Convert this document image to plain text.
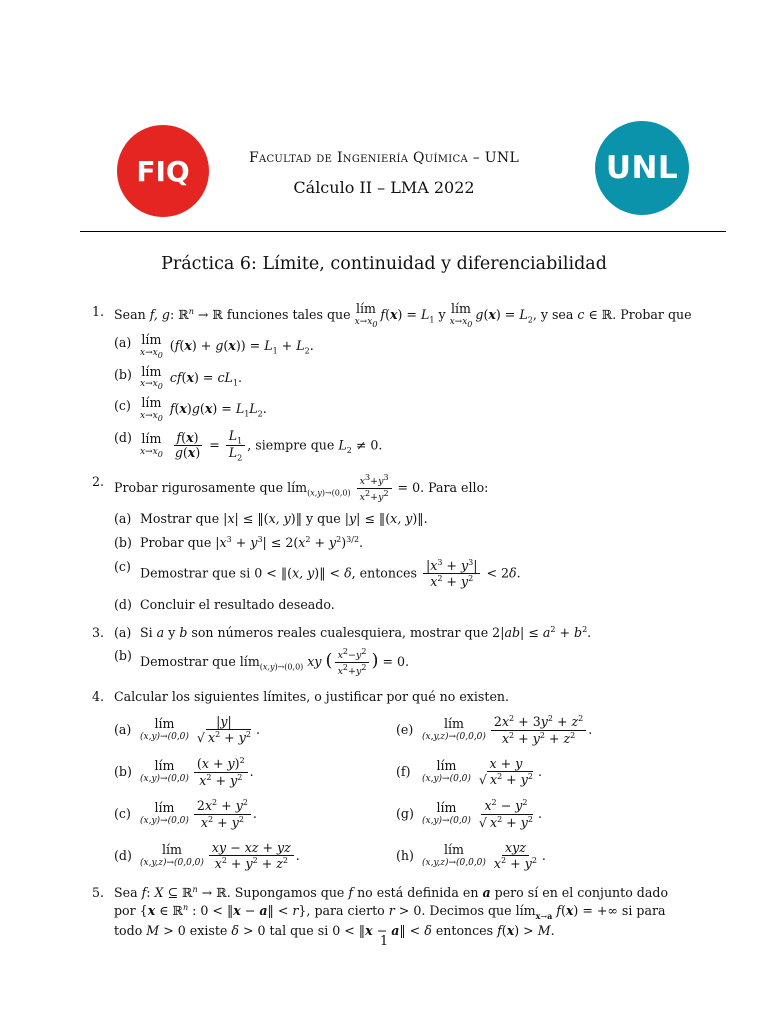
FIQ	UNL
Facultad de Ingeniería Química – UNL
Cálculo II – LMA 2022
Práctica 6: Límite, continuidad y diferenciabilidad
1. Sean f, g: ℝ$^n$ → ℝ funciones tales que lím
$x\to x_0$
$f(x) = L_1$ y lím
$x\to x_0$
$g(x) = L_2$, y sea c ∈ ℝ. Probar que
(a) lím
$x\to x_0$
$(f(x) + g(x)) = L_1 + L_2$.
(b) lím
$x\to x_0$
$cf(x) = cL_1$.
(c) lím
$x\to x_0$
$f(x)g(x) = L_1L_2$.
(d) lím
$x\to x_0$
$\frac{f(x)}{g(x)} = \frac{L_1}{L_2}$ , siempre que $L_2 \ne 0$.
2. Probar rigurosamente que lím$_{(x,y)\to(0,0)}$ $\frac{x^3+y^3}{x^2+y^2} = 0$. Para ello:
(a) Mostrar que |x| ≤ ‖(x, y)‖ y que |y| ≤ ‖(x, y)‖.
(b) Probar que $|x^3 + y^3| \le 2(x^2 + y^2)^{3/2}$.
(c) Demostrar que si 0 < ‖(x, y)‖ < δ, entonces $\frac{|x^3 + y^3|}{x^2 + y^2} < 2\delta$.
(d) Concluir el resultado deseado.
3. (a) Si a y b son números reales cualesquiera, mostrar que $2|ab| \le a^2 + b^2$.
(b) Demostrar que lím$_{(x,y)\to(0,0)}$ xy ( $\frac{x^2-y^2}{x^2+y^2}$ ) = 0.
4. Calcular los siguientes límites, o justificar por qué no existen.
(a) lím
$(x,y)\to(0,0) \frac{|y|}{√ x^2 + y^2}$ .	(e) lím
$(x,y,z)\to(0,0,0) \frac{2x^2 + 3y^2 + z^2}{x^2 + y^2 + z^2}$ .
(b) lím
$(x,y)\to(0,0) \frac{(x + y)^2}{x^2 + y^2}$ .	(f) lím
$(x,y)\to(0,0) \frac{x + y}{√ x^2 + y^2}$ .
(c) lím
$(x,y)\to(0,0) \frac{2x^2 + y^2}{x^2 + y^2}$ .	(g) lím
$(x,y)\to(0,0) \frac{x^2 - y^2}{√ x^2 + y^2}$ .
(d) lím
$(x,y,z)\to(0,0,0) \frac{xy - xz + yz}{x^2 + y^2 + z^2}$ .	(h) lím
$(x,y,z)\to(0,0,0) \frac{\text{xyz}}{x^2 + y^2}$ .
5. Sea f: X ⊆ ℝ$^n$ → ℝ. Supongamos que f no está definida en a pero sí en el conjunto dado por {x ∈ ℝ$^n$ : 0 < ‖x − a‖ < r}, para cierto r > 0. Decimos que lím$_{x\to a}$ f(x) = +∞ si para todo M > 0 existe δ > 0 tal que si 0 < ‖x − a‖ < δ entonces f(x) > M.
1
